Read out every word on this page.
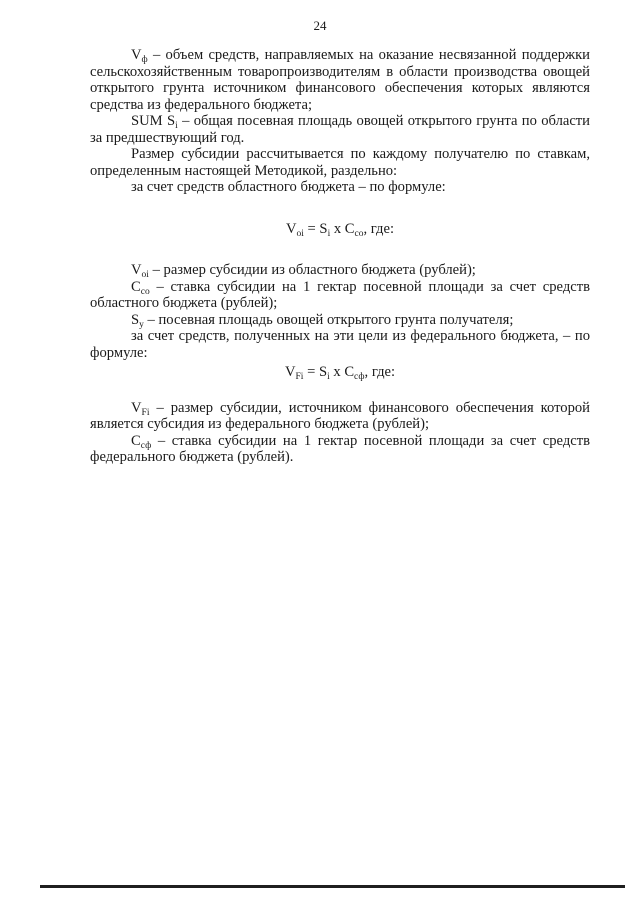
24

$V_ф$ – объем средств, направляемых на оказание несвязанной поддержки сельскохозяйственным товаропроизводителям в области производства овощей открытого грунта источником финансового обеспечения которых являются средства из федерального бюджета;

SUM $S_i$ – общая посевная площадь овощей открытого грунта по области за предшествующий год.

Размер субсидии рассчитывается по каждому получателю по ставкам, определенным настоящей Методикой, раздельно:

за счет средств областного бюджета – по формуле:

$V_{oi} = S_i$ x $C_{co}$, где:

$V_{oi}$ – размер субсидии из областного бюджета (рублей);

$C_{co}$ – ставка субсидии на 1 гектар посевной площади за счет средств областного бюджета (рублей);

$S_y$ – посевная площадь овощей открытого грунта получателя;

за счет средств, полученных на эти цели из федерального бюджета, – по формуле:

$V_{Fi} = S_i$ x $C_{сф}$, где:

$V_{Fi}$ – размер субсидии, источником финансового обеспечения которой является субсидия из федерального бюджета (рублей);

$C_{сф}$ – ставка субсидии на 1 гектар посевной площади за счет средств федерального бюджета (рублей).
